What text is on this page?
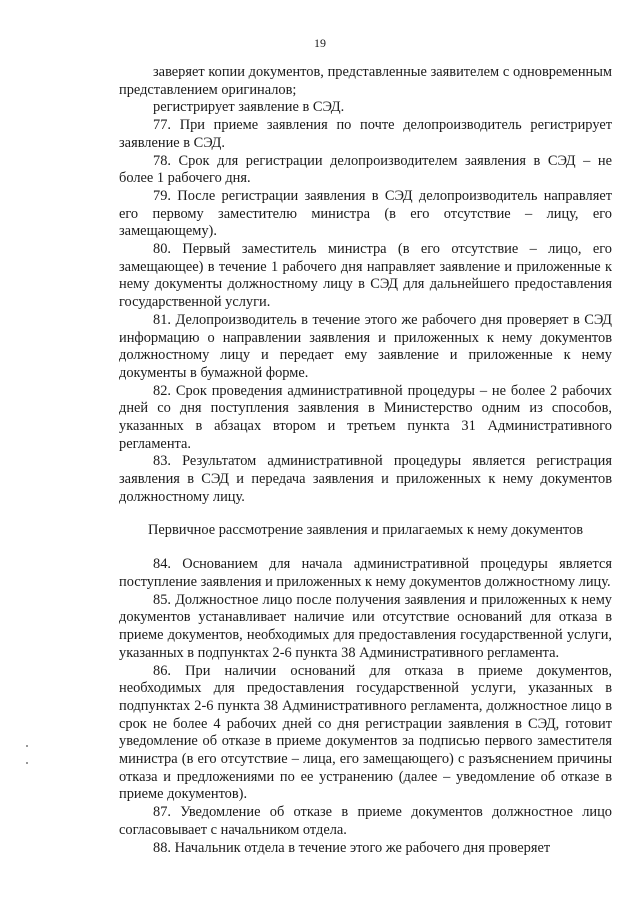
19

заверяет копии документов, представленные заявителем с одновременным представлением оригиналов;

регистрирует заявление в СЭД.

77. При приеме заявления по почте делопроизводитель регистрирует заявление в СЭД.

78. Срок для регистрации делопроизводителем заявления в СЭД – не более 1 рабочего дня.

79. После регистрации заявления в СЭД делопроизводитель направляет его первому заместителю министра (в его отсутствие – лицу, его замещающему).

80. Первый заместитель министра (в его отсутствие – лицо, его замещающее) в течение 1 рабочего дня направляет заявление и приложенные к нему документы должностному лицу в СЭД для дальнейшего предоставления государственной услуги.

81. Делопроизводитель в течение этого же рабочего дня проверяет в СЭД информацию о направлении заявления и приложенных к нему документов должностному лицу и передает ему заявление и приложенные к нему документы в бумажной форме.

82. Срок проведения административной процедуры – не более 2 рабочих дней со дня поступления заявления в Министерство одним из способов, указанных в абзацах втором и третьем пункта 31 Административного регламента.

83. Результатом административной процедуры является регистрация заявления в СЭД и передача заявления и приложенных к нему документов должностному лицу.

Первичное рассмотрение заявления и прилагаемых к нему документов

84. Основанием для начала административной процедуры является поступление заявления и приложенных к нему документов должностному лицу.

85. Должностное лицо после получения заявления и приложенных к нему документов устанавливает наличие или отсутствие оснований для отказа в приеме документов, необходимых для предоставления государственной услуги, указанных в подпунктах 2-6 пункта 38 Административного регламента.

86. При наличии оснований для отказа в приеме документов, необходимых для предоставления государственной услуги, указанных в подпунктах 2-6 пункта 38 Административного регламента, должностное лицо в срок не более 4 рабочих дней со дня регистрации заявления в СЭД, готовит уведомление об отказе в приеме документов за подписью первого заместителя министра (в его отсутствие – лица, его замещающего) с разъяснением причины отказа и предложениями по ее устранению (далее – уведомление об отказе в приеме документов).

87. Уведомление об отказе в приеме документов должностное лицо согласовывает с начальником отдела.

88. Начальник отдела в течение этого же рабочего дня проверяет
